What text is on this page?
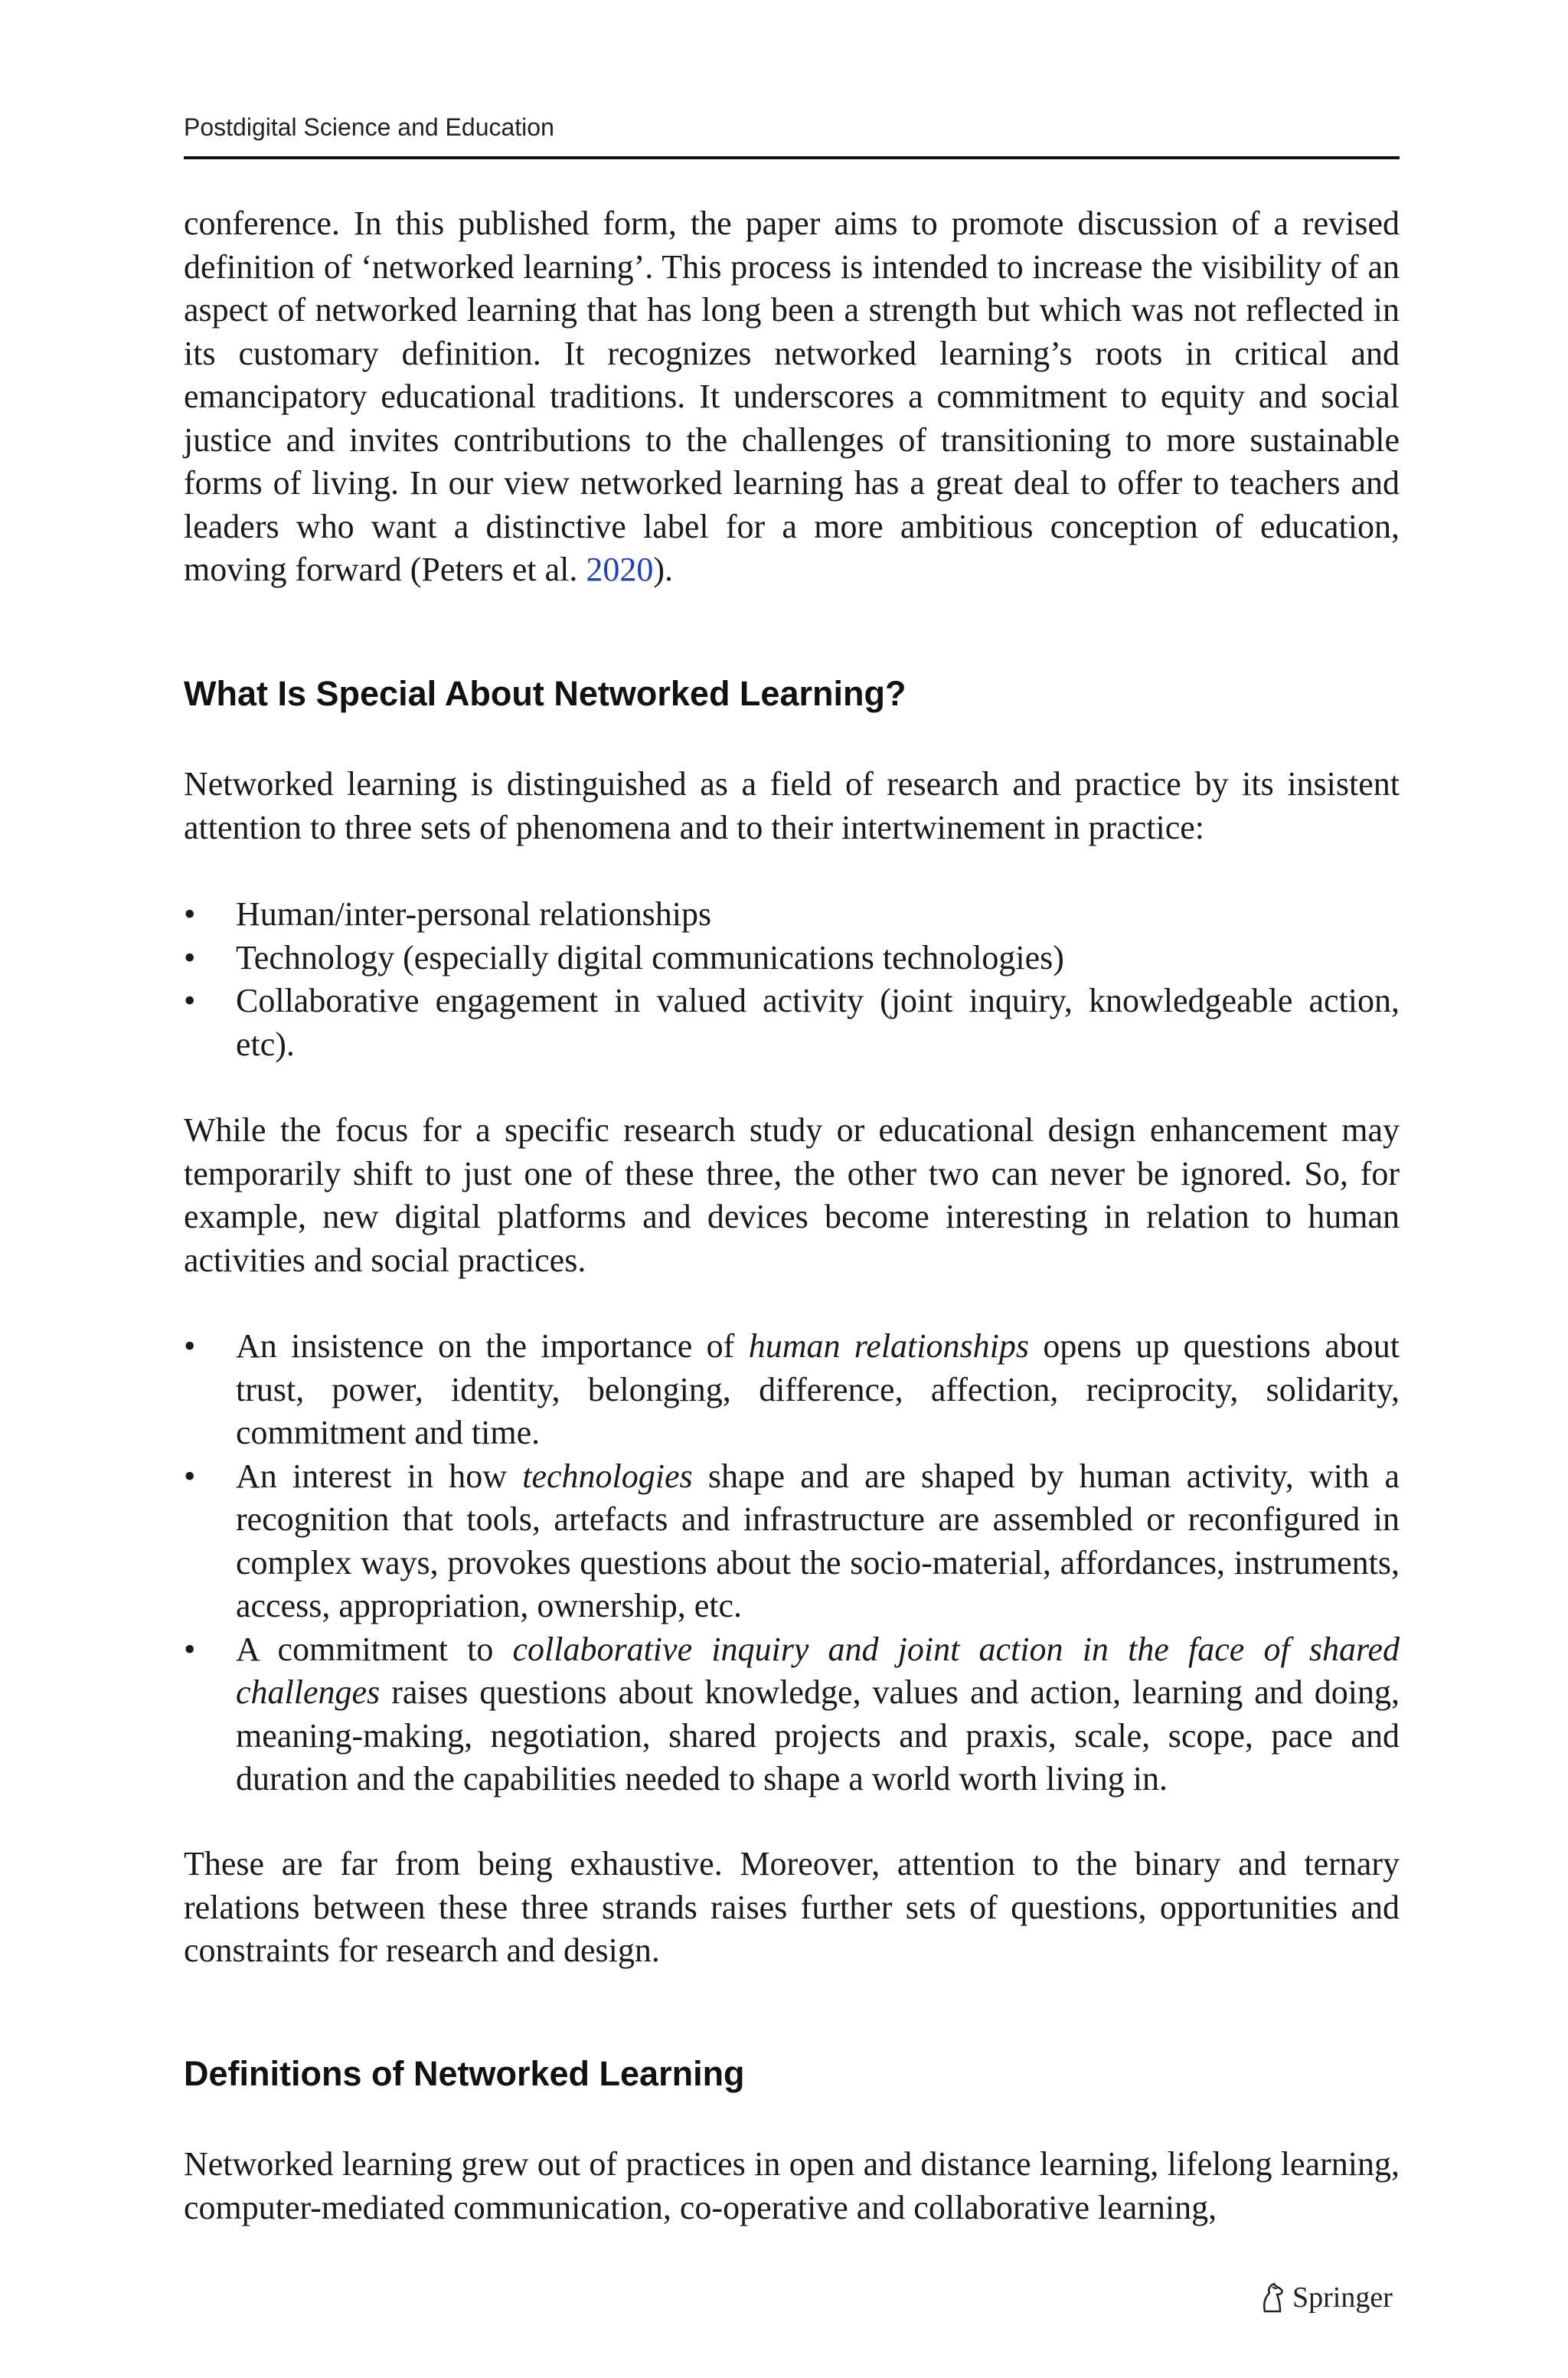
Postdigital Science and Education

conference. In this published form, the paper aims to promote discussion of a revised definition of ‘networked learning’. This process is intended to increase the visibility of an aspect of networked learning that has long been a strength but which was not reflected in its customary definition. It recognizes networked learning’s roots in critical and emancipatory educational traditions. It underscores a commitment to equity and social justice and invites contributions to the challenges of transitioning to more sustainable forms of living. In our view networked learning has a great deal to offer to teachers and leaders who want a distinctive label for a more ambitious conception of education, moving forward (Peters et al. 2020).

What Is Special About Networked Learning?

Networked learning is distinguished as a field of research and practice by its insistent attention to three sets of phenomena and to their intertwinement in practice:

• Human/inter-personal relationships
• Technology (especially digital communications technologies)
• Collaborative engagement in valued activity (joint inquiry, knowledgeable action, etc).

While the focus for a specific research study or educational design enhancement may temporarily shift to just one of these three, the other two can never be ignored. So, for example, new digital platforms and devices become interesting in relation to human activities and social practices.

• An insistence on the importance of human relationships opens up questions about trust, power, identity, belonging, difference, affection, reciprocity, solidarity, commitment and time.
• An interest in how technologies shape and are shaped by human activity, with a recognition that tools, artefacts and infrastructure are assembled or reconfigured in complex ways, provokes questions about the socio-material, affordances, instruments, access, appropriation, ownership, etc.
• A commitment to collaborative inquiry and joint action in the face of shared challenges raises questions about knowledge, values and action, learning and doing, meaning-making, negotiation, shared projects and praxis, scale, scope, pace and duration and the capabilities needed to shape a world worth living in.

These are far from being exhaustive. Moreover, attention to the binary and ternary relations between these three strands raises further sets of questions, opportunities and constraints for research and design.

Definitions of Networked Learning

Networked learning grew out of practices in open and distance learning, lifelong learning, computer-mediated communication, co-operative and collaborative learning,

Springer
